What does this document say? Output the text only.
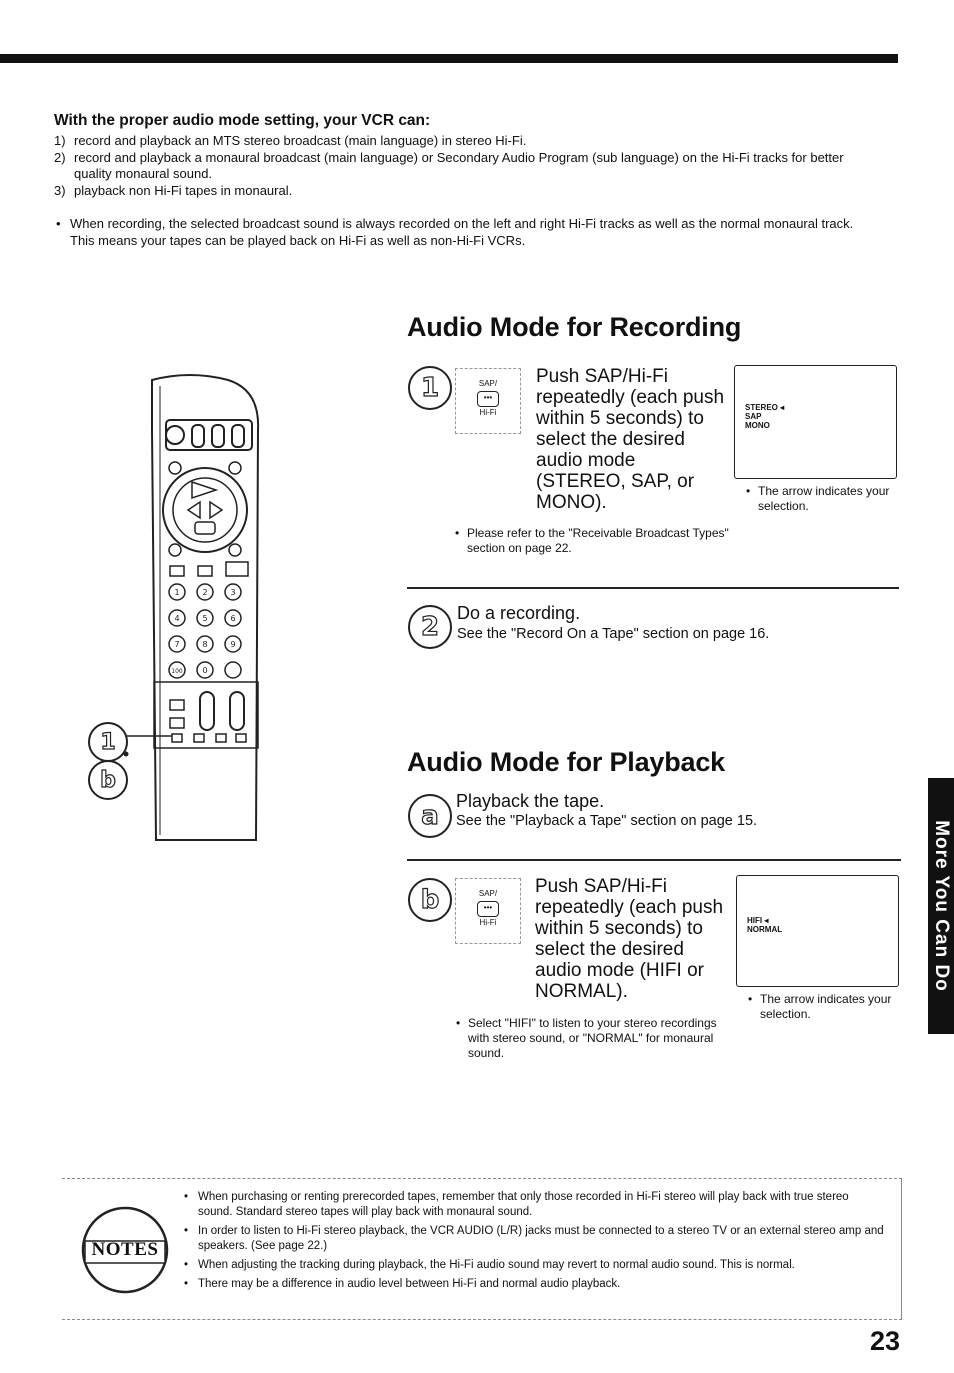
With the proper audio mode setting, your VCR can:
1) record and playback an MTS stereo broadcast (main language) in stereo Hi-Fi.
2) record and playback a monaural broadcast (main language) or Secondary Audio Program (sub language) on the Hi-Fi tracks for better quality monaural sound.
3) playback non Hi-Fi tapes in monaural.
• When recording, the selected broadcast sound is always recorded on the left and right Hi-Fi tracks as well as the normal monaural track. This means your tapes can be played back on Hi-Fi as well as non-Hi-Fi VCRs.
1	2	3
4	5	6
7	8	9
100 0
1
b
Audio Mode for Recording
1	SAP/
•••
Hi-Fi
Push SAP/Hi-Fi repeatedly (each push within 5 seconds) to select the desired audio mode (STEREO, SAP, or MONO).
STEREO ◂
SAP
MONO
• The arrow indicates your selection.
• Please refer to the "Receivable Broadcast Types" section on page 22.
2 Do a recording.
See the "Record On a Tape" section on page 16.
Audio Mode for Playback
a Playback the tape.
See the "Playback a Tape" section on page 15.
b	SAP/
•••
Hi-Fi
Push SAP/Hi-Fi repeatedly (each push within 5 seconds) to select the desired audio mode (HIFI or NORMAL).
HIFI ◂
NORMAL
• The arrow indicates your selection.
• Select "HIFI" to listen to your stereo recordings with stereo sound, or "NORMAL" for monaural sound.
More You Can Do
NOTES
• When purchasing or renting prerecorded tapes, remember that only those recorded in Hi-Fi stereo will play back with true stereo sound. Standard stereo tapes will play back with monaural sound.
• In order to listen to Hi-Fi stereo playback, the VCR AUDIO (L/R) jacks must be connected to a stereo TV or an external stereo amp and speakers. (See page 22.)
• When adjusting the tracking during playback, the Hi-Fi audio sound may revert to normal audio sound. This is normal.
• There may be a difference in audio level between Hi-Fi and normal audio playback.
23
